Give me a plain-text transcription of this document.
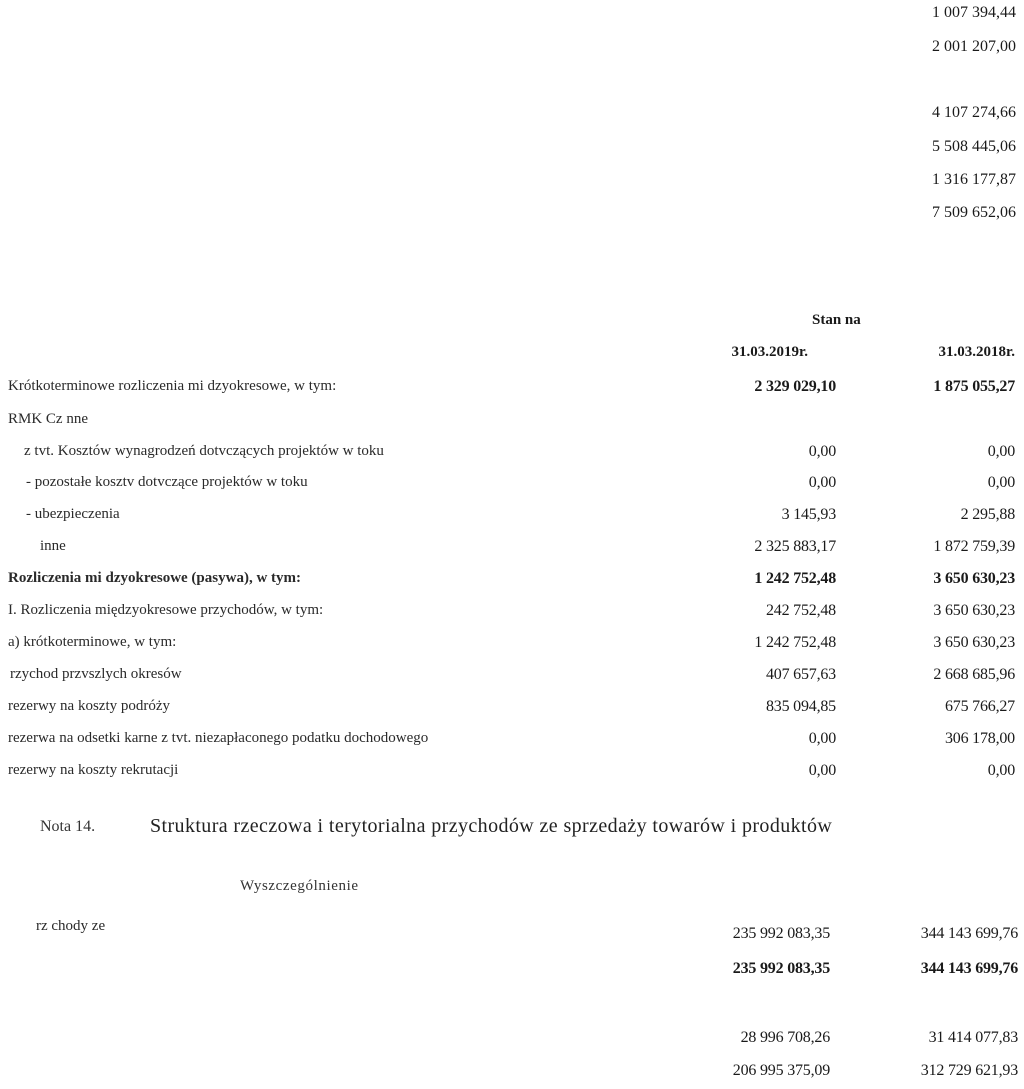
1 007 394,44
2 001 207,00
4 107 274,66
5 508 445,06
1 316 177,87
7 509 652,06
Stan na
31.03.2019r.	31.03.2018r.
Krótkoterminowe rozliczenia mi dzyokresowe, w tym:	2 329 029,10	1 875 055,27
RMK Cz nne
z tvt. Kosztów wynagrodzeń dotvczących projektów w toku	0,00	0,00
- pozostałe kosztv dotvczące projektów w toku	0,00	0,00
- ubezpieczenia	3 145,93	2 295,88
inne	2 325 883,17	1 872 759,39
Rozliczenia mi dzyokresowe (pasywa), w tym:	1 242 752,48	3 650 630,23
I. Rozliczenia międzyokresowe przychodów, w tym:	242 752,48	3 650 630,23
a) krótkoterminowe, w tym:	1 242 752,48	3 650 630,23
rzychod przvszlych okresów	407 657,63	2 668 685,96
rezerwy na koszty podróży	835 094,85	675 766,27
rezerwa na odsetki karne z tvt. niezapłaconego podatku dochodowego	0,00	306 178,00
rezerwy na koszty rekrutacji	0,00	0,00
Nota 14.	Struktura rzeczowa i terytorialna przychodów ze sprzedaży towarów i produktów
Wyszczególnienie
rz chody ze	235 992 083,35	344 143 699,76
235 992 083,35	344 143 699,76
28 996 708,26	31 414 077,83
206 995 375,09	312 729 621,93
